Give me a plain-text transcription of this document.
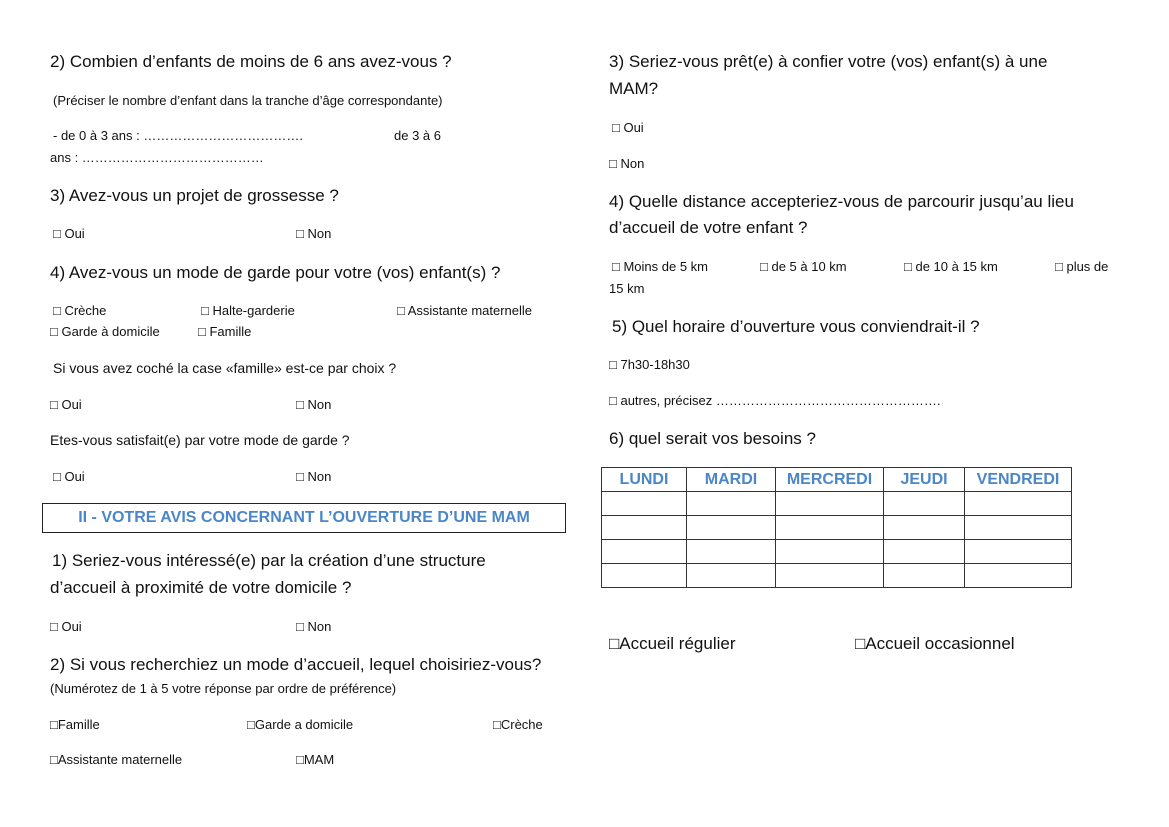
2) Combien d’enfants de moins de 6 ans avez-vous ?
(Préciser le nombre d’enfant dans la tranche d’âge correspondante)
- de 0 à 3 ans : ……………………………….	de 3 à 6
ans : ……………………………………
3) Avez-vous un projet de grossesse ?
□ Oui	□ Non
4) Avez-vous un mode de garde pour votre (vos) enfant(s) ?
□ Crèche	□ Halte-garderie	□ Assistante maternelle
□ Garde à domicile	□ Famille
Si vous avez coché la case «famille» est-ce par choix ?
□ Oui	□ Non
Etes-vous satisfait(e) par votre mode de garde ?
□ Oui	□ Non
II - VOTRE AVIS CONCERNANT L’OUVERTURE D’UNE MAM
1) Seriez-vous intéressé(e) par la création d’une structure
d’accueil à proximité de votre domicile ?
□ Oui	□ Non
2) Si vous recherchiez un mode d’accueil, lequel choisiriez-vous?
(Numérotez de 1 à 5 votre réponse par ordre de préférence)
□Famille	□Garde a domicile	□Crèche
□Assistante maternelle	□MAM
3) Seriez-vous prêt(e) à confier votre (vos) enfant(s) à une
MAM?
□ Oui
□ Non
4) Quelle distance accepteriez-vous de parcourir jusqu’au lieu
d’accueil de votre enfant ?
□ Moins de 5 km	□ de 5 à 10 km	□ de 10 à 15 km	□ plus de
15 km
5) Quel horaire d’ouverture vous conviendrait-il ?
□ 7h30-18h30
□ autres, précisez …………………………………………….
6) quel serait vos besoins ?
LUNDI	MARDI	MERCREDI	JEUDI	VENDREDI

□Accueil régulier	□Accueil occasionnel
